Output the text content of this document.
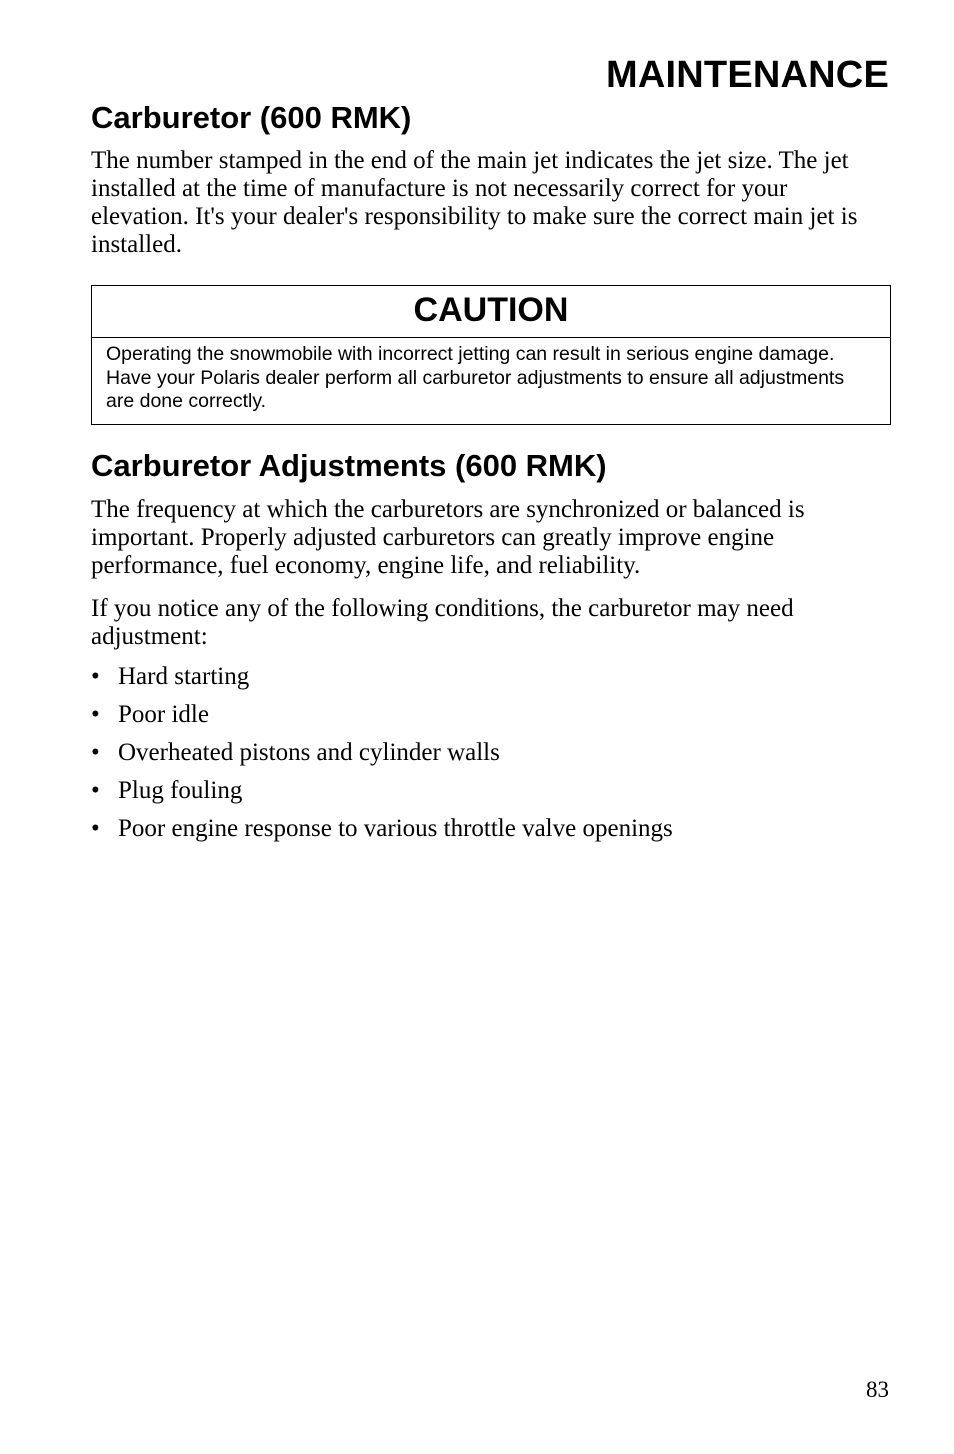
MAINTENANCE
Carburetor (600 RMK)

The number stamped in the end of the main jet indicates the jet size. The jet installed at the time of manufacture is not necessarily correct for your elevation. It's your dealer's responsibility to make sure the correct main jet is installed.

CAUTION

Operating the snowmobile with incorrect jetting can result in serious engine damage. Have your Polaris dealer perform all carburetor adjustments to ensure all adjustments are done correctly.

Carburetor Adjustments (600 RMK)

The frequency at which the carburetors are synchronized or balanced is important. Properly adjusted carburetors can greatly improve engine performance, fuel economy, engine life, and reliability.

If you notice any of the following conditions, the carburetor may need adjustment:

• Hard starting
• Poor idle
• Overheated pistons and cylinder walls
• Plug fouling
• Poor engine response to various throttle valve openings
83
